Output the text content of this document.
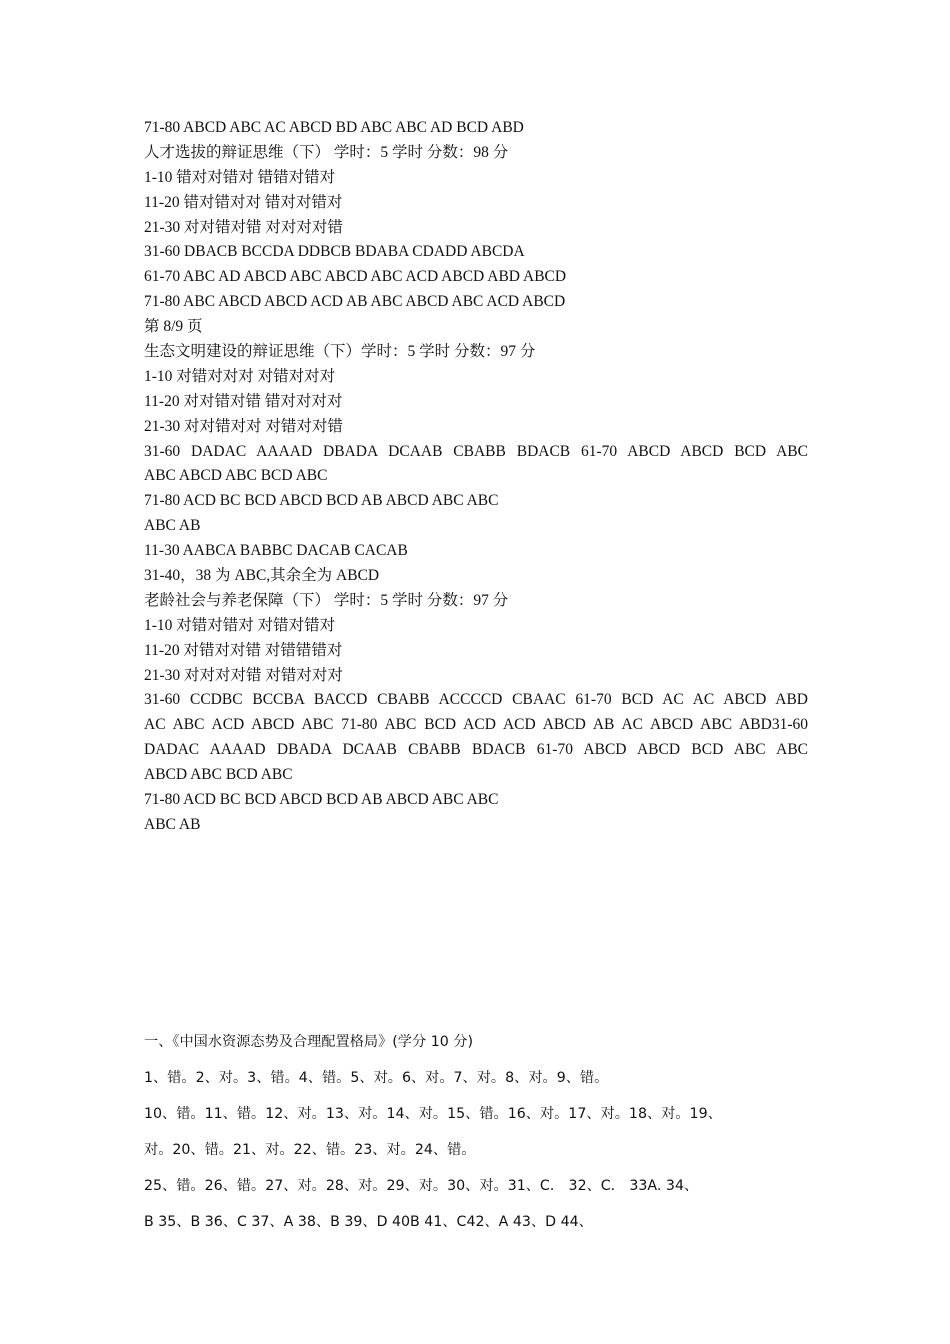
71-80 ABCD ABC AC ABCD BD ABC ABC AD BCD ABD
人才选拔的辩证思维（下） 学时：5 学时 分数：98 分
1-10 错对对错对 错错对错对
11-20 错对错对对 错对对错对
21-30 对对错对错 对对对对错
31-60 DBACB BCCDA DDBCB BDABA CDADD ABCDA
61-70 ABC AD ABCD ABC ABCD ABC ACD ABCD ABD ABCD
71-80 ABC ABCD ABCD ACD AB ABC ABCD ABC ACD ABCD
第 8/9 页
生态文明建设的辩证思维（下）学时：5 学时 分数：97 分
1-10 对错对对对 对错对对对
11-20 对对错对错 错对对对对
21-30 对对错对对 对错对对错
31-60 DADAC AAAAD DBADA DCAAB CBABB BDACB 61-70 ABCD ABCD BCD ABC
ABC ABCD ABC BCD ABC
71-80 ACD BC BCD ABCD BCD AB ABCD ABC ABC
ABC AB
11-30 AABCA BABBC DACAB CACAB
31-40，38 为 ABC,其余全为 ABCD
老龄社会与养老保障（下） 学时：5 学时 分数：97 分
1-10 对错对错对 对错对错对
11-20 对错对对错 对错错错对
21-30 对对对对错 对错对对对
31-60 CCDBC BCCBA BACCD CBABB ACCCCD CBAAC 61-70 BCD AC AC ABCD ABD
AC ABC ACD ABCD ABC 71-80 ABC BCD ACD ACD ABCD AB AC ABCD ABC ABD31-60
DADAC AAAAD DBADA DCAAB CBABB BDACB 61-70 ABCD ABCD BCD ABC ABC
ABCD ABC BCD ABC
71-80 ACD BC BCD ABCD BCD AB ABCD ABC ABC
ABC AB
一、《中国水资源态势及合理配置格局》(学分 10 分)
1、错。2、对。3、错。4、错。5、对。6、对。7、对。8、对。9、错。
10、错。11、错。12、对。13、对。14、对。15、错。16、对。17、对。18、对。19、
对。20、错。21、对。22、错。23、对。24、错。
25、错。26、错。27、对。28、对。29、对。30、对。31、C． 32、C． 33A. 34、
B 35、B 36、C 37、A 38、B 39、D 40B 41、C42、A 43、D 44、
